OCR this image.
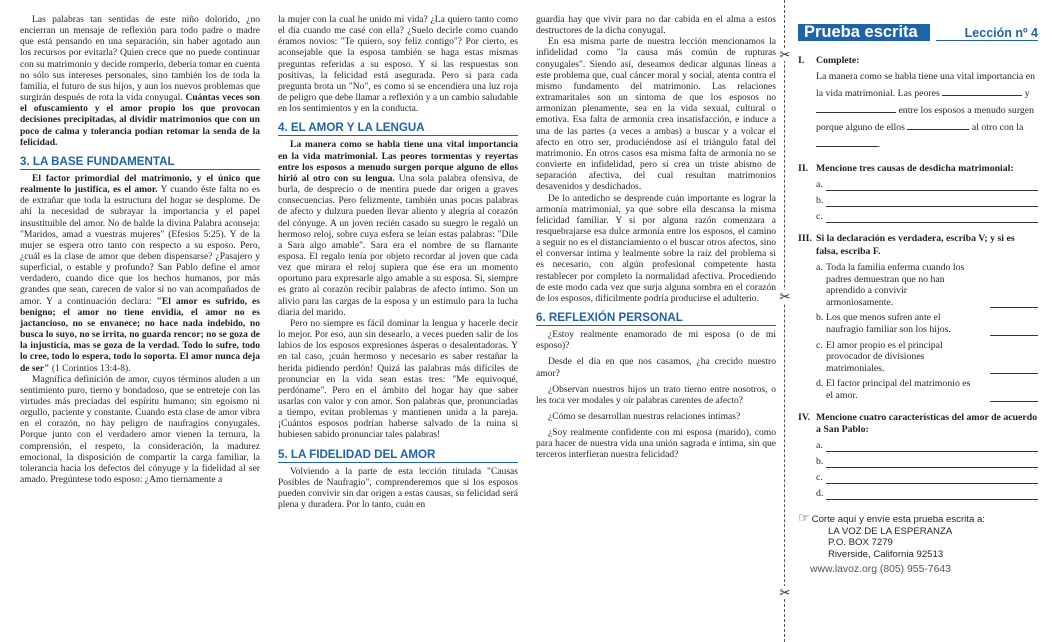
Las palabras tan sentidas de este niño dolorido, ¿no encierran un mensaje de reflexión para todo padre o madre que está pensando en una separación, sin haber agotado aun los recursos por evitarla? Quien crece que no puede continuar con su matrimonio y decide romperlo, debería tomar en cuenta no sólo sus intereses personales, sino también los de toda la familia, el futuro de sus hijos, y aun los nuevos problemas que surgirán después de rota la vida conyugal. Cuántas veces son el ofuscamiento y el amor propio los que provocan decisiones precipitadas, al dividir matrimonios que con un poco de calma y tolerancia podían retomar la senda de la felicidad.

3. LA BASE FUNDAMENTAL

El factor primordial del matrimonio, y el único que realmente lo justifica, es el amor. Y cuando éste falta no es de extrañar que toda la estructura del hogar se desplome. De ahí la necesidad de subrayar la importancia y el papel insustituible del amor. No de balde la divina Palabra aconseja: "Maridos, amad a vuestras mujeres" (Efesios 5:25). Y de la mujer se espera otro tanto con respecto a su esposo. Pero, ¿cuál es la clase de amor que deben dispensarse? ¿Pasajero y superficial, o estable y profundo? San Pablo define el amor verdadero, cuando dice que los hechos humanos, por más grandes que sean, carecen de valor si no van acompañados de amor. Y a continuación declara: "El amor es sufrido, es benigno; el amor no tiene envidia, el amor no es jactancioso, no se envanece; no hace nada indebido, no busca lo suyo, no se irrita, no guarda rencor; no se goza de la injusticia, mas se goza de la verdad. Todo lo sufre, todo lo cree, todo lo espera, todo lo soporta. El amor nunca deja de ser" (1 Corintios 13:4-8).

Magnífica definición de amor, cuyos términos aluden a un sentimiento puro, tierno y bondadoso, que se entreteje con las virtudes más preciadas del espíritu humano; sin egoísmo ni orgullo, paciente y constante. Cuando esta clase de amor vibra en el corazón, no hay peligro de naufragios conyugales. Porque junto con el verdadero amor vienen la ternura, la comprensión, el respeto, la consideración, la madurez emocional, la disposición de compartir la carga familiar, la tolerancia hacia los defectos del cónyuge y la fidelidad al ser amado. Pregúntese todo esposo: ¿Amo tiernamente a

la mujer con la cual he unido mi vida? ¿La quiero tanto como el día cuando me casé con ella? ¿Suelo decirle como cuando éramos novios: "Te quiero, soy feliz contigo"? Por cierto, es aconsejable que la esposa también se haga estas mismas preguntas referidas a su esposo. Y si las respuestas son positivas, la felicidad está asegurada. Pero si para cada pregunta brota un "No", es como si se encendiera una luz roja de peligro que debe llamar a reflexión y a un cambio saludable en los sentimientos y en la conducta.

4. EL AMOR Y LA LENGUA

La manera como se habla tiene una vital importancia en la vida matrimonial. Las peores tormentas y reyertas entre los esposos a menudo surgen porque alguno de ellos hirió al otro con su lengua. Una sola palabra ofensiva, de burla, de desprecio o de mentira puede dar origen a graves consecuencias. Pero felizmente, también unas pocas palabras de afecto y dulzura pueden llevar aliento y alegría al corazón del cónyuge. A un joven recién casado su suegro le regaló un hermoso reloj, sobre cuya esfera se leían estas palabras: "Dile a Sara algo amable". Sara era el nombre de su flamante esposa. El regalo tenía por objeto recordar al joven que cada vez que mirara el reloj supiera que ése era un momento oportuno para expresarle algo amable a su esposa. Sí, siempre es grato al corazón recibir palabras de afecto íntimo. Son un alivio para las cargas de la esposa y un estímulo para la lucha diaria del marido.

Pero no siempre es fácil dominar la lengua y hacerle decir lo mejor. Por eso, aun sin desearlo, a veces pueden salir de los labios de los esposos expresiones ásperas o desalentadoras. Y en tal caso, ¡cuán hermoso y necesario es saber restañar la herida pidiendo perdón! Quizá las palabras más difíciles de pronunciar en la vida sean estas tres: "Me equivoqué, perdóname". Pero en el ámbito del hogar hay que saber usarlas con valor y con amor. Son palabras que, pronunciadas a tiempo, evitan problemas y mantienen unida a la pareja. ¡Cuántos esposos podrían haberse salvado de la ruina si hubiesen sabido pronunciar tales palabras!

5. LA FIDELIDAD DEL AMOR

Volviendo a la parte de esta lección titulada "Causas Posibles de Naufragio", comprenderemos que si los esposos pueden convivir sin dar origen a estas causas, su felicidad será plena y duradera. Por lo tanto, cuán en

guardia hay que vivir para no dar cabida en el alma a estos destructores de la dicha conyugal.

En esa misma parte de nuestra lección mencionamos la infidelidad como "la causa más común de rupturas conyugales". Siendo así, deseamos dedicar algunas líneas a este problema que, cual cáncer moral y social, atenta contra el mismo fundamento del matrimonio. Las relaciones extramaritales son un síntoma de que los esposos no armonizan plenamente, sea en la vida sexual, cultural o emotiva. Esa falta de armonía crea insatisfacción, e induce a una de las partes (a veces a ambas) a buscar y a volcar el afecto en otro ser, produciéndose así el triángulo fatal del matrimonio. En otros casos esa misma falta de armonía no se convierte en infidelidad, pero sí crea un triste abismo de separación afectiva, del cual resultan matrimonios desavenidos y desdichados.

De lo antedicho se desprende cuán importante es lograr la armonía matrimonial, ya que sobre ella descansa la misma felicidad familiar. Y si por alguna razón comenzara a resquebrajarse esa dulce armonía entre los esposos, el camino a seguir no es el distanciamiento o el buscar otros afectos, sino el conversar íntima y lealmente sobre la raíz del problema si es necesario, con algún profesional competente hasta restablecer por completo la normalidad afectiva. Procediendo de este modo cada vez que surja alguna sombra en el corazón de los esposos, difícilmente podría producirse el adulterio.

6. REFLEXIÓN PERSONAL

¿Estoy realmente enamorado de mi esposa (o de mi esposo)?

Desde el día en que nos casamos, ¿ha crecido nuestro amor?

¿Observan nuestros hijos un trato tierno entre nosotros, o les toca ver modales y oír palabras carentes de afecto?

¿Cómo se desarrollan nuestras relaciones íntimas?

¿Soy realmente confidente con mi esposa (marido), como para hacer de nuestra vida una unión sagrada e íntima, sin que terceros interfieran nuestra felicidad?

✂
✂
✂
Prueba escrita	Lección nº 4
I.	Complete:
La manera como se habla tiene una vital importancia en la vida matrimonial. Las peores	y  entre los esposos a menudo surgen porque alguno de ellos	al otro con la .
II. Mencione tres causas de desdicha matrimonial:
a.
b.
c.
III. Si la declaración es verdadera, escriba V; y si es falsa, escriba F.
a. Toda la familia enferma cuando los padres demuestran que no han aprendido a convivir armoniosamente.
b. Los que menos sufren ante el naufragio familiar son los hijos.
c. El amor propio es el principal provocador de divisiones matrimoniales.
d. El factor principal del matrimonio es el amor.
IV. Mencione cuatro características del amor de acuerdo a San Pablo:
a.
b.
c.
d.
☞ Corte aquí y envíe esta prueba escrita a:
LA VOZ DE LA ESPERANZA
P.O. BOX 7279
Riverside, California 92513
www.lavoz.org (805) 955-7643
